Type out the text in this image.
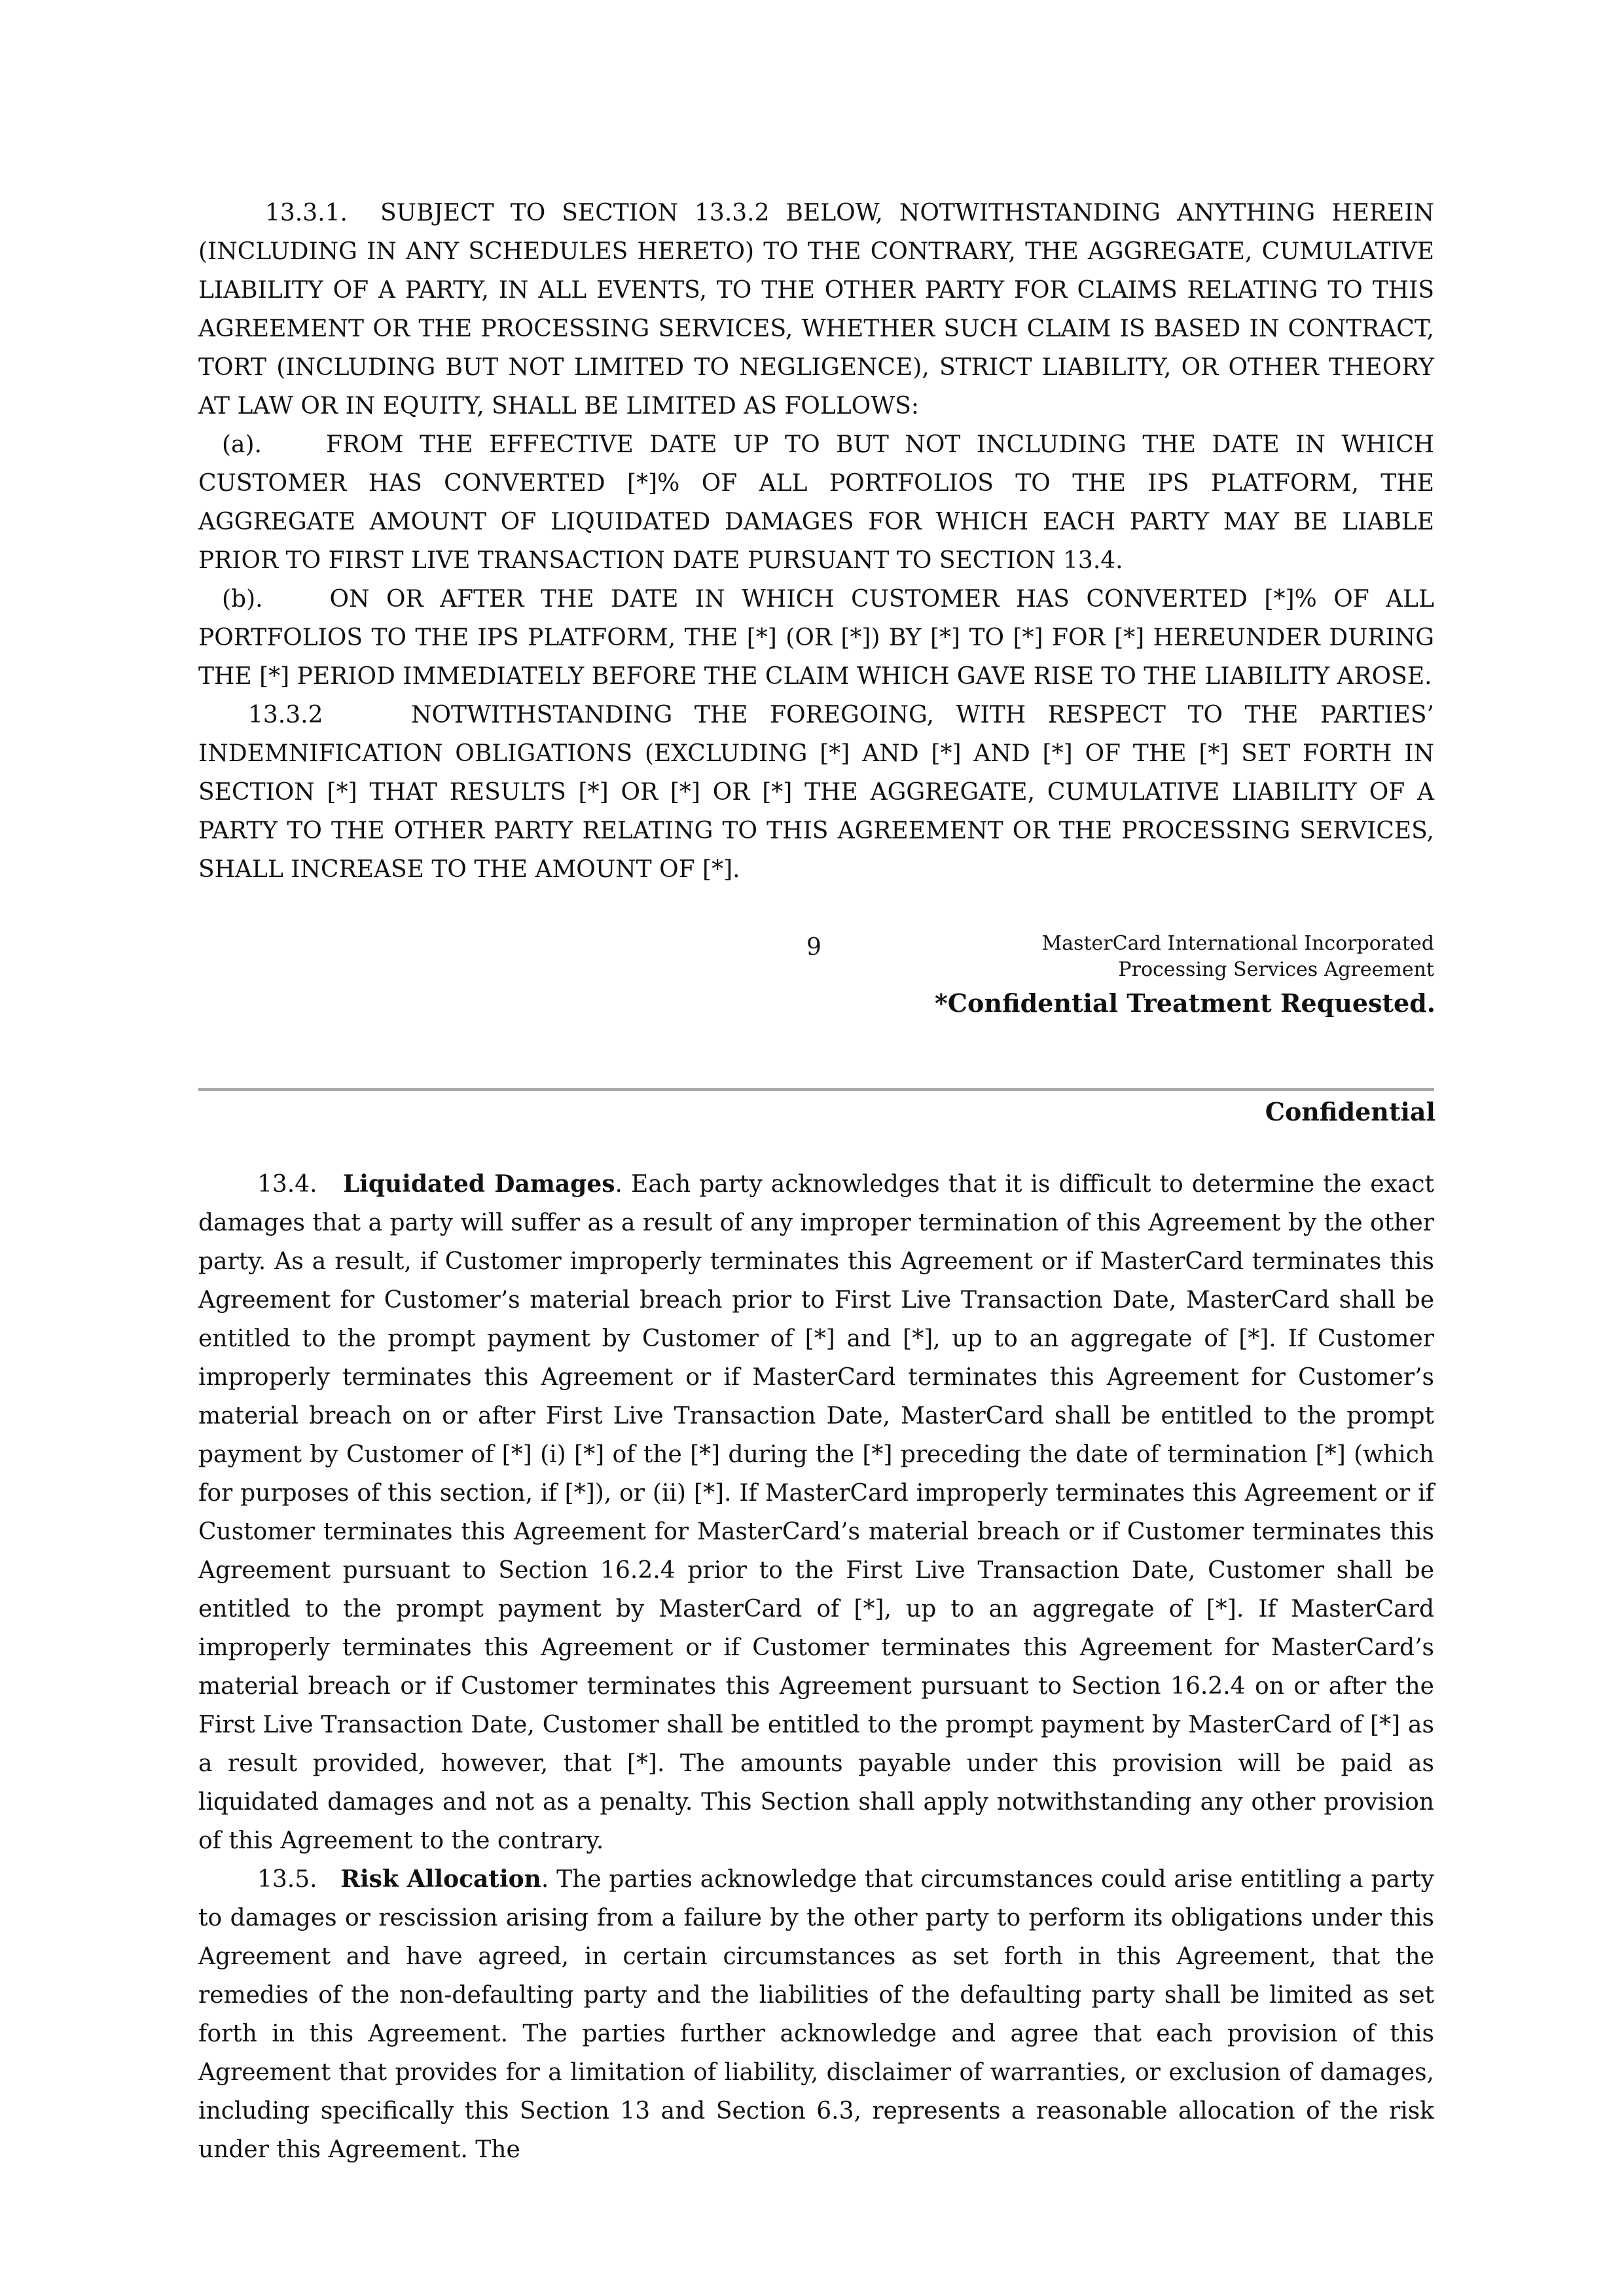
13.3.1. SUBJECT TO SECTION 13.3.2 BELOW, NOTWITHSTANDING ANYTHING HEREIN (INCLUDING IN ANY SCHEDULES HERETO) TO THE CONTRARY, THE AGGREGATE, CUMULATIVE LIABILITY OF A PARTY, IN ALL EVENTS, TO THE OTHER PARTY FOR CLAIMS RELATING TO THIS AGREEMENT OR THE PROCESSING SERVICES, WHETHER SUCH CLAIM IS BASED IN CONTRACT, TORT (INCLUDING BUT NOT LIMITED TO NEGLIGENCE), STRICT LIABILITY, OR OTHER THEORY AT LAW OR IN EQUITY, SHALL BE LIMITED AS FOLLOWS:

(a).	FROM THE EFFECTIVE DATE UP TO BUT NOT INCLUDING THE DATE IN WHICH CUSTOMER HAS CONVERTED [*]% OF ALL PORTFOLIOS TO THE IPS PLATFORM, THE AGGREGATE AMOUNT OF LIQUIDATED DAMAGES FOR WHICH EACH PARTY MAY BE LIABLE PRIOR TO FIRST LIVE TRANSACTION DATE PURSUANT TO SECTION 13.4.

(b).	ON OR AFTER THE DATE IN WHICH CUSTOMER HAS CONVERTED [*]% OF ALL PORTFOLIOS TO THE IPS PLATFORM, THE [*] (OR [*]) BY [*] TO [*] FOR [*] HEREUNDER DURING THE [*] PERIOD IMMEDIATELY BEFORE THE CLAIM WHICH GAVE RISE TO THE LIABILITY AROSE.

13.3.2	NOTWITHSTANDING THE FOREGOING, WITH RESPECT TO THE PARTIES’ INDEMNIFICATION OBLIGATIONS (EXCLUDING [*] AND [*] AND [*] OF THE [*] SET FORTH IN SECTION [*] THAT RESULTS [*] OR [*] OR [*] THE AGGREGATE, CUMULATIVE LIABILITY OF A PARTY TO THE OTHER PARTY RELATING TO THIS AGREEMENT OR THE PROCESSING SERVICES, SHALL INCREASE TO THE AMOUNT OF [*].

9	MasterCard International Incorporated
Processing Services Agreement
*Confidential Treatment Requested.
Confidential

13.4. Liquidated Damages. Each party acknowledges that it is difficult to determine the exact damages that a party will suffer as a result of any improper termination of this Agreement by the other party. As a result, if Customer improperly terminates this Agreement or if MasterCard terminates this Agreement for Customer’s material breach prior to First Live Transaction Date, MasterCard shall be entitled to the prompt payment by Customer of [*] and [*], up to an aggregate of [*]. If Customer improperly terminates this Agreement or if MasterCard terminates this Agreement for Customer’s material breach on or after First Live Transaction Date, MasterCard shall be entitled to the prompt payment by Customer of [*] (i) [*] of the [*] during the [*] preceding the date of termination [*] (which for purposes of this section, if [*]), or (ii) [*]. If MasterCard improperly terminates this Agreement or if Customer terminates this Agreement for MasterCard’s material breach or if Customer terminates this Agreement pursuant to Section 16.2.4 prior to the First Live Transaction Date, Customer shall be entitled to the prompt payment by MasterCard of [*], up to an aggregate of [*]. If MasterCard improperly terminates this Agreement or if Customer terminates this Agreement for MasterCard’s material breach or if Customer terminates this Agreement pursuant to Section 16.2.4 on or after the First Live Transaction Date, Customer shall be entitled to the prompt payment by MasterCard of [*] as a result provided, however, that [*]. The amounts payable under this provision will be paid as liquidated damages and not as a penalty. This Section shall apply notwithstanding any other provision of this Agreement to the contrary.

13.5. Risk Allocation. The parties acknowledge that circumstances could arise entitling a party to damages or rescission arising from a failure by the other party to perform its obligations under this Agreement and have agreed, in certain circumstances as set forth in this Agreement, that the remedies of the non-defaulting party and the liabilities of the defaulting party shall be limited as set forth in this Agreement. The parties further acknowledge and agree that each provision of this Agreement that provides for a limitation of liability, disclaimer of warranties, or exclusion of damages, including specifically this Section 13 and Section 6.3, represents a reasonable allocation of the risk under this Agreement. The
